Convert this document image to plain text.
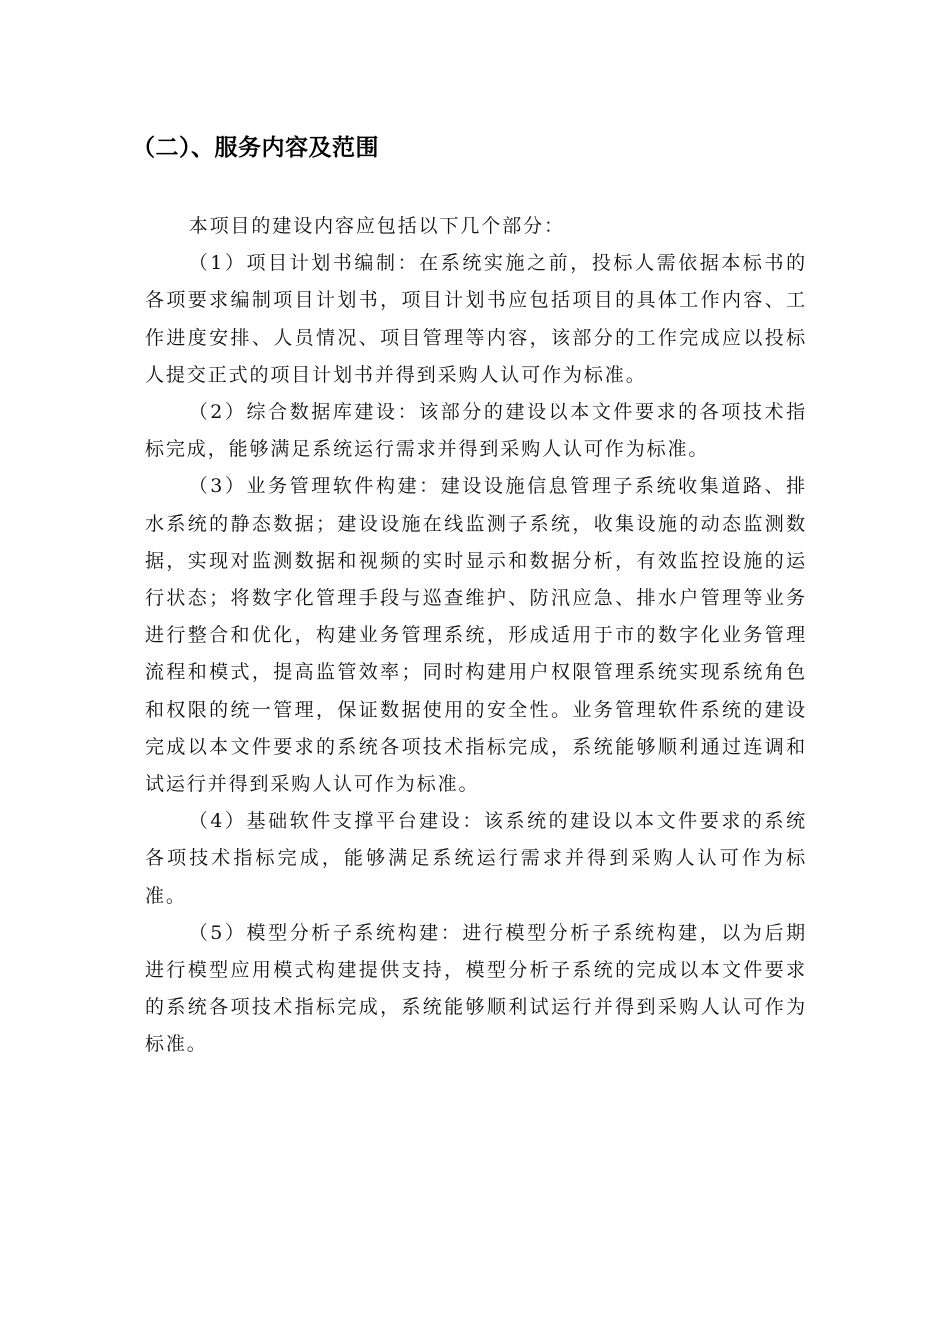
（二）、服务内容及范围

本项目的建设内容应包括以下几个部分：

（1）项目计划书编制：在系统实施之前，投标人需依据本标书的各项要求编制项目计划书，项目计划书应包括项目的具体工作内容、工作进度安排、人员情况、项目管理等内容，该部分的工作完成应以投标人提交正式的项目计划书并得到采购人认可作为标准。

（2）综合数据库建设：该部分的建设以本文件要求的各项技术指标完成，能够满足系统运行需求并得到采购人认可作为标准。

（3）业务管理软件构建：建设设施信息管理子系统收集道路、排水系统的静态数据；建设设施在线监测子系统，收集设施的动态监测数据，实现对监测数据和视频的实时显示和数据分析，有效监控设施的运行状态；将数字化管理手段与巡查维护、防汛应急、排水户管理等业务进行整合和优化，构建业务管理系统，形成适用于市的数字化业务管理流程和模式，提高监管效率；同时构建用户权限管理系统实现系统角色和权限的统一管理，保证数据使用的安全性。业务管理软件系统的建设完成以本文件要求的系统各项技术指标完成，系统能够顺利通过连调和试运行并得到采购人认可作为标准。

（4）基础软件支撑平台建设：该系统的建设以本文件要求的系统各项技术指标完成，能够满足系统运行需求并得到采购人认可作为标准。

（5）模型分析子系统构建：进行模型分析子系统构建，以为后期进行模型应用模式构建提供支持，模型分析子系统的完成以本文件要求的系统各项技术指标完成，系统能够顺利试运行并得到采购人认可作为标准。
